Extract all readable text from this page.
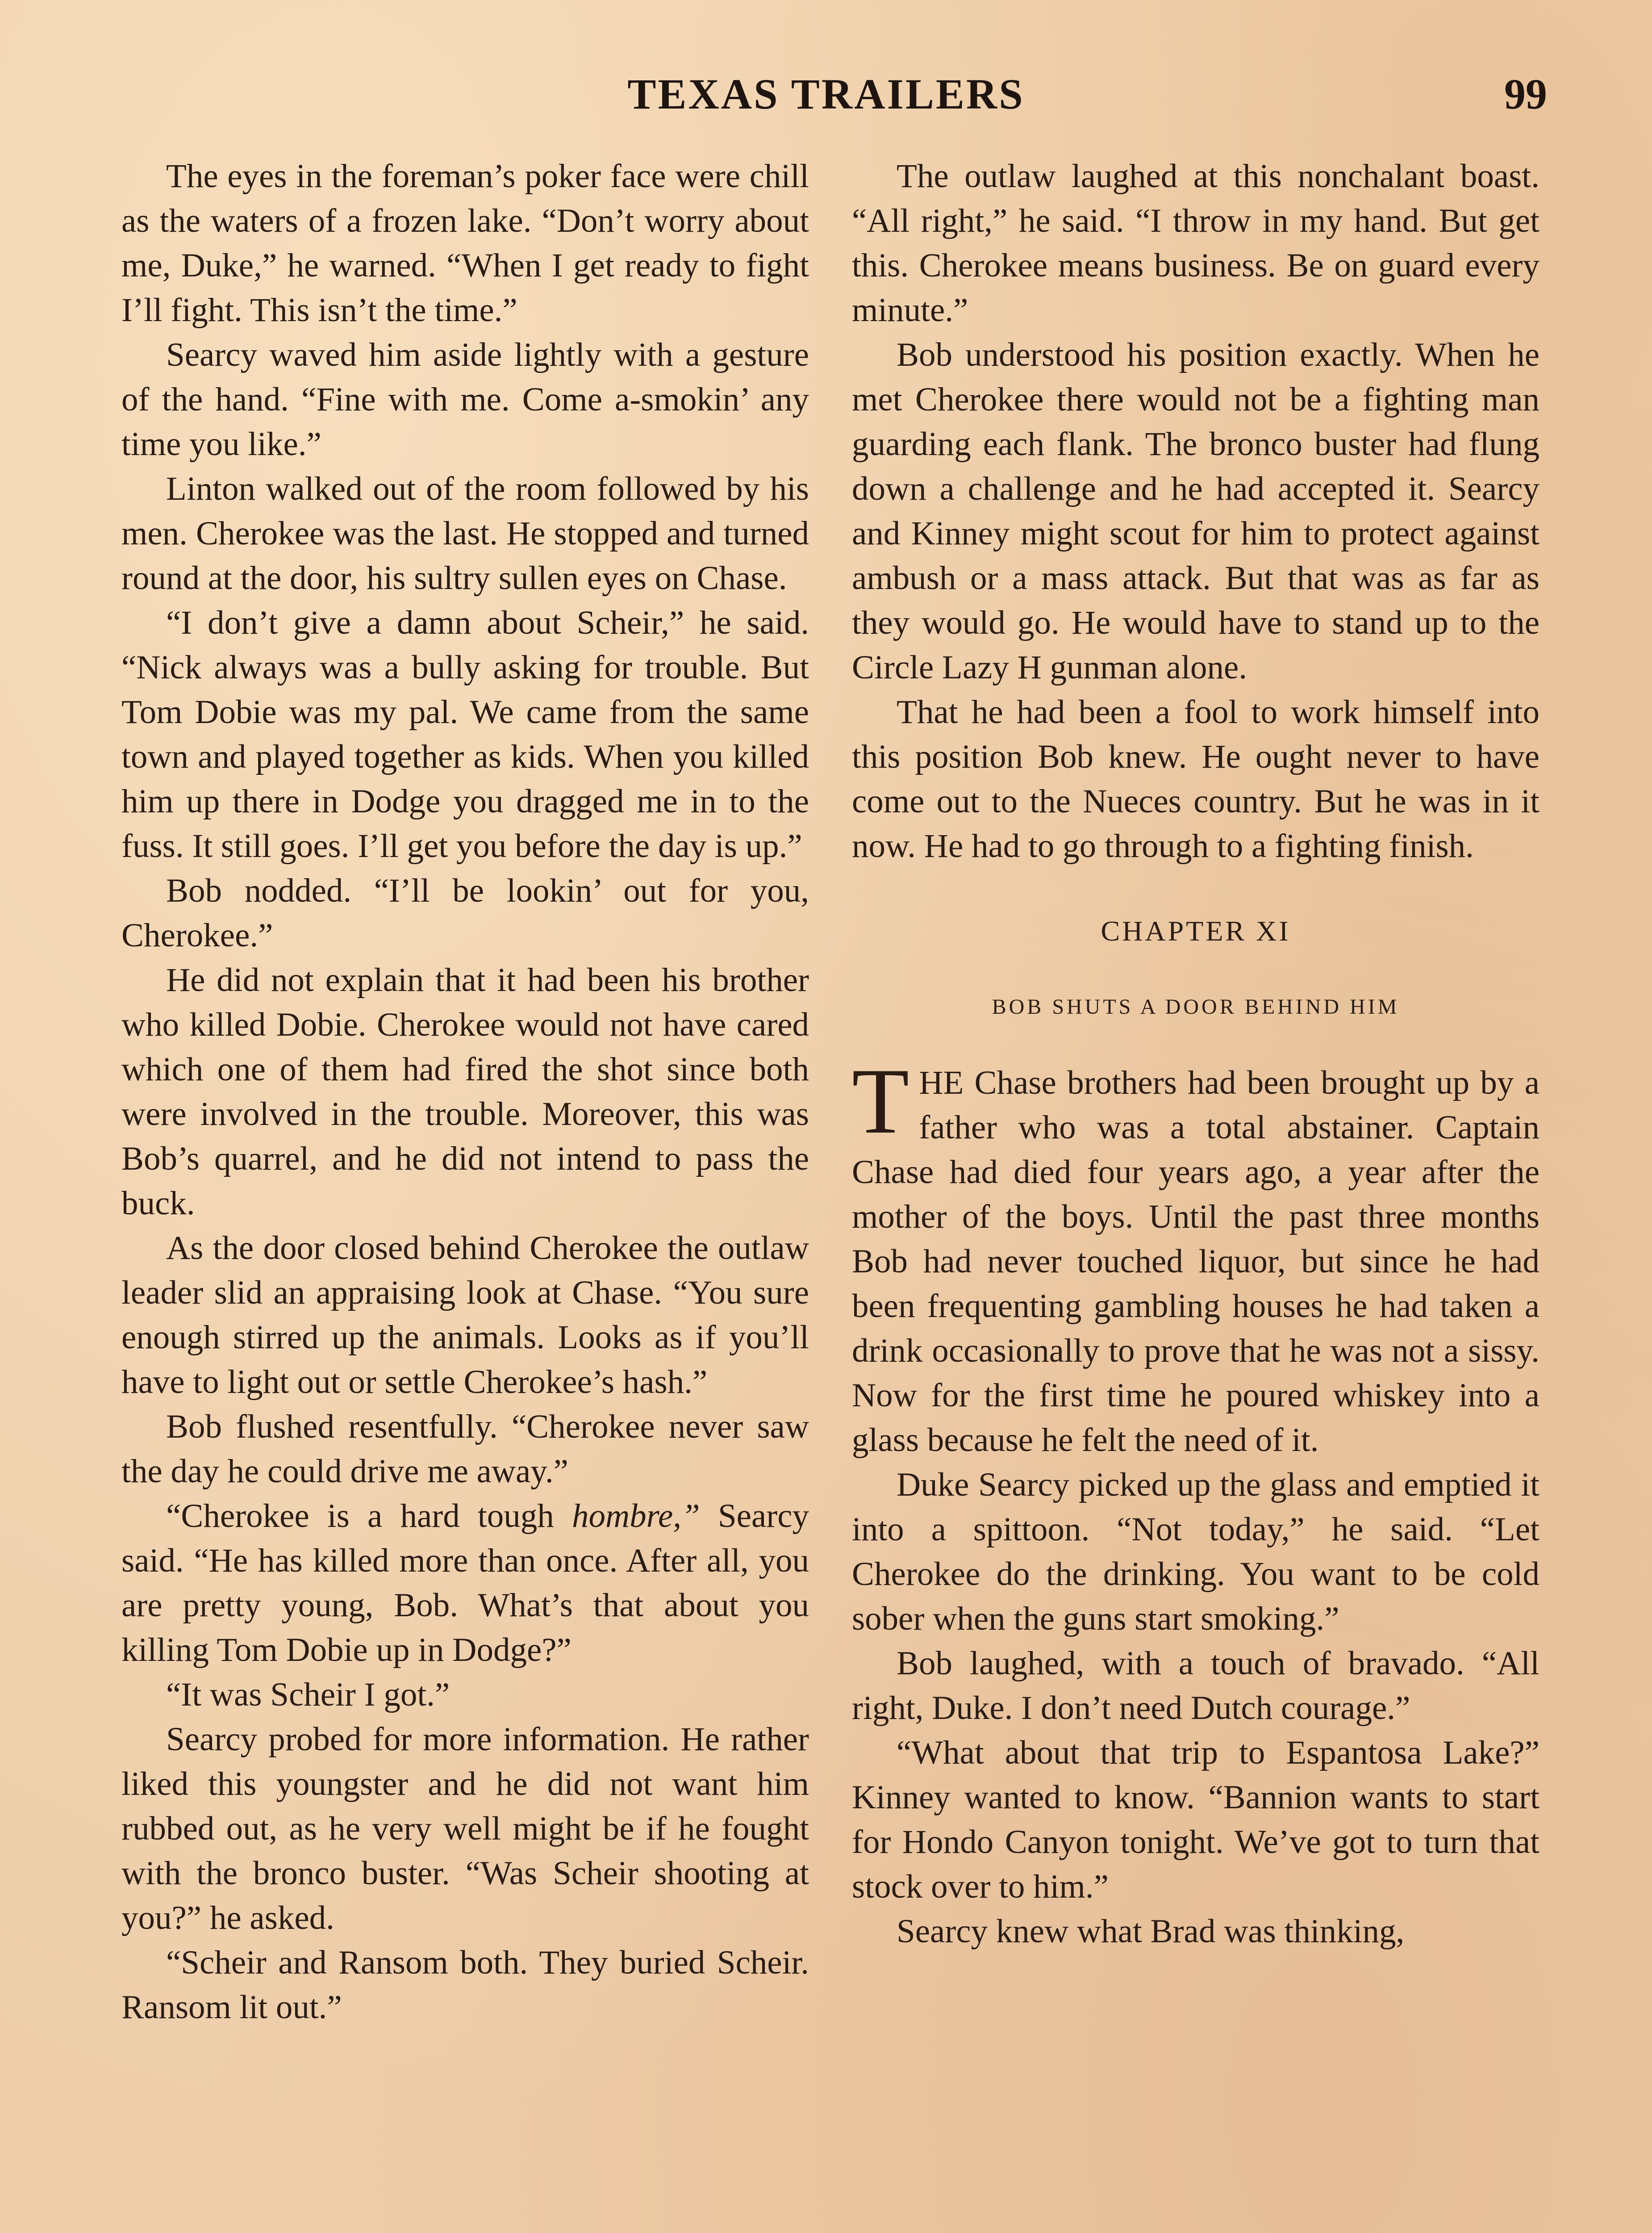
TEXAS TRAILERS	99

The eyes in the foreman’s poker face were chill as the waters of a frozen lake. “Don’t worry about me, Duke,” he warned. “When I get ready to fight I’ll fight. This isn’t the time.”

Searcy waved him aside lightly with a gesture of the hand. “Fine with me. Come a-smokin’ any time you like.”

Linton walked out of the room followed by his men. Cherokee was the last. He stopped and turned round at the door, his sultry sullen eyes on Chase.

“I don’t give a damn about Scheir,” he said. “Nick always was a bully asking for trouble. But Tom Dobie was my pal. We came from the same town and played together as kids. When you killed him up there in Dodge you dragged me in to the fuss. It still goes. I’ll get you before the day is up.”

Bob nodded. “I’ll be lookin’ out for you, Cherokee.”

He did not explain that it had been his brother who killed Dobie. Cherokee would not have cared which one of them had fired the shot since both were involved in the trouble. Moreover, this was Bob’s quarrel, and he did not intend to pass the buck.

As the door closed behind Cherokee the outlaw leader slid an appraising look at Chase. “You sure enough stirred up the animals. Looks as if you’ll have to light out or settle Cherokee’s hash.”

Bob flushed resentfully. “Cherokee never saw the day he could drive me away.”

“Cherokee is a hard tough hombre,” Searcy said. “He has killed more than once. After all, you are pretty young, Bob. What’s that about you killing Tom Dobie up in Dodge?”

“It was Scheir I got.”

Searcy probed for more information. He rather liked this youngster and he did not want him rubbed out, as he very well might be if he fought with the bronco buster. “Was Scheir shooting at you?” he asked.

“Scheir and Ransom both. They buried Scheir. Ransom lit out.”

The outlaw laughed at this nonchalant boast. “All right,” he said. “I throw in my hand. But get this. Cherokee means business. Be on guard every minute.”

Bob understood his position exactly. When he met Cherokee there would not be a fighting man guarding each flank. The bronco buster had flung down a challenge and he had accepted it. Searcy and Kinney might scout for him to protect against ambush or a mass attack. But that was as far as they would go. He would have to stand up to the Circle Lazy H gunman alone.

That he had been a fool to work himself into this position Bob knew. He ought never to have come out to the Nueces country. But he was in it now. He had to go through to a fighting finish.

CHAPTER XI
BOB SHUTS A DOOR BEHIND HIM

THE Chase brothers had been brought up by a father who was a total abstainer. Captain Chase had died four years ago, a year after the mother of the boys. Until the past three months Bob had never touched liquor, but since he had been frequenting gambling houses he had taken a drink occasionally to prove that he was not a sissy. Now for the first time he poured whiskey into a glass because he felt the need of it.

Duke Searcy picked up the glass and emptied it into a spittoon. “Not today,” he said. “Let Cherokee do the drinking. You want to be cold sober when the guns start smoking.”

Bob laughed, with a touch of bravado. “All right, Duke. I don’t need Dutch courage.”

“What about that trip to Espantosa Lake?” Kinney wanted to know. “Bannion wants to start for Hondo Canyon tonight. We’ve got to turn that stock over to him.”

Searcy knew what Brad was thinking,
